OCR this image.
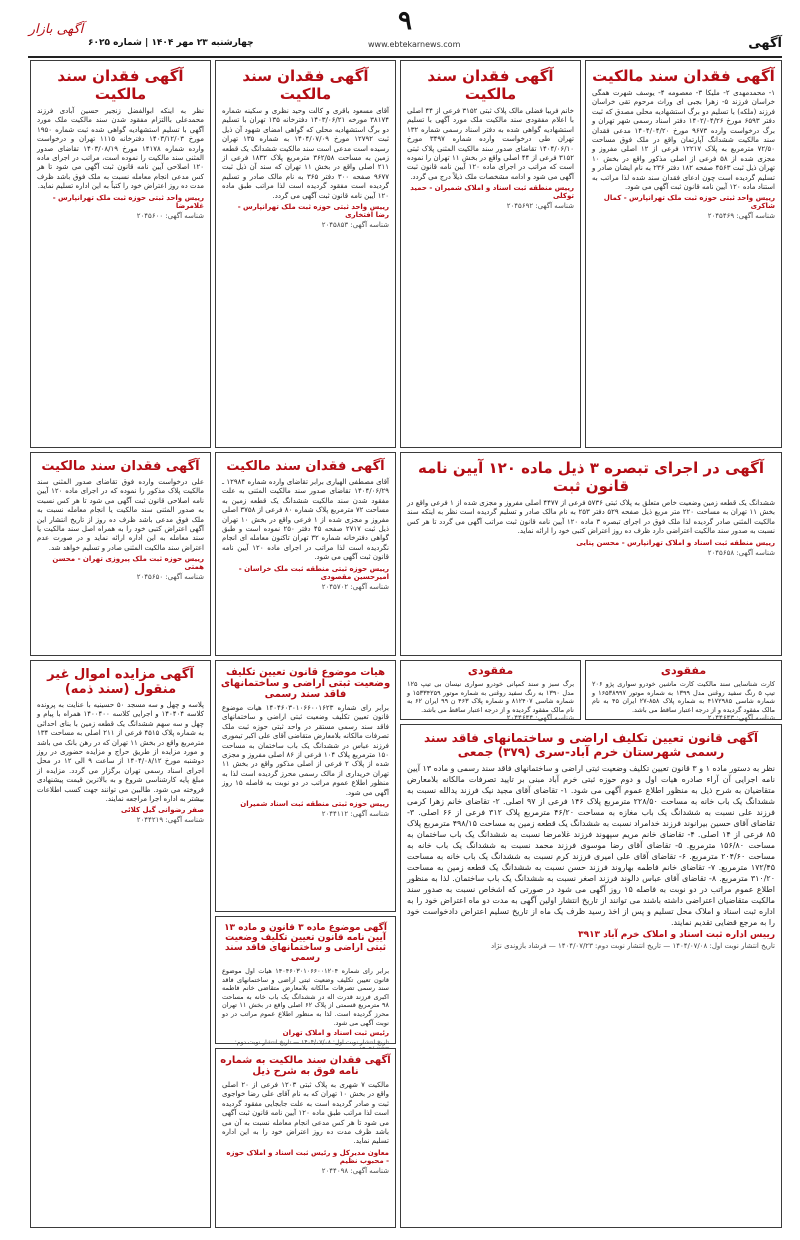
آگهی بازار
چهارشنبه ۲۳ مهر ۱۴۰۴ | شماره ۶۰۲۵
۹
www.ebtekarnews.com	آگهی
آگهی فقدان سند مالکیت
۱- محمدمهدی ۲- ملیکا ۳- معصومه ۴- یوسف شهرت همگی خراسان فرزند ۵- زهرا بجبی ای وراث مرحوم تقی خراسان فرزند (ملکه) با تسلیم دو برگ استشهادیه محلی مصدق که ثبت دفتر ۶۵۹۳ مورخ ۱۴۰۲/۰۴/۲۶ دفتر اسناد رسمی شهر تهران و برگ درخواست وارده ۹۶۷۳ مورخ ۱۴۰۴/۰۴/۲۰ مدعی فقدان سند مالکیت ششدانگ آپارتمان واقع در ملک فوق مساحت ۷۲/۵۰ مترمربع به پلاک ۱۲۲۱۷ فرعی از ۱۲ اصلی مفروز و مجزی شده از ۵۸ فرعی از اصلی مذکور واقع در بخش ۱۰ تهران ذیل ثبت ۴۵۶۳ صفحه ۱۸۲ دفتر ۲۳۶ به نام ایشان صادر و تسلیم گردیده است چون ادعای فقدان سند شده لذا مراتب به استناد ماده ۱۲۰ آیین نامه قانون ثبت آگهی می شود.
رییس واحد ثبتی حوزه ثبت ملک تهرانپارس - کمال شاکری
شناسه آگهی: ۲۰۴۵۴۶۹
آگهی فقدان سند مالکیت
خانم فریبا فضلی مالک پلاک ثبتی ۳۱۵۲ فرعی از ۴۴ اصلی با اعلام مفقودی سند مالکیت ملک مورد آگهی با تسلیم استشهادیه گواهی شده به دفتر اسناد رسمی شماره ۱۳۲ تهران طی درخواست وارده شماره ۳۴۹۷ مورخ ۱۴۰۴/۰۶/۱۰ تقاضای صدور سند مالکیت المثنی پلاک ثبتی ۳۱۵۲ فرعی از ۴۴ اصلی واقع در بخش ۱۱ تهران را نموده است که مراتب در اجرای ماده ۱۲۰ آیین نامه قانون ثبت آگهی می شود و ادامه مشخصات ملک ذیلاً درج می گردد.
رییس منطقه ثبت اسناد و املاک شمیران - حمید توکلی
شناسه آگهی: ۲۰۴۵۶۹۲
آگهی فقدان سند مالکیت
آقای مسعود باقری و کالت وحید نظری و سکینه شماره ۳۸۱۷۴ مورخه ۱۴۰۳/۰۶/۲۱ دفترخانه ۱۳۵ تهران با تسلیم دو برگ استشهادیه محلی که گواهی امضای شهود آن ذیل ثبت ۱۲۷۹۲ مورخ ۱۴۰۴/۰۷/۰۹ به شماره ۱۳۵ تهران رسیده است مدعی است سند مالکیت ششدانگ یک قطعه زمین به مساحت ۳۶۲/۵۸ مترمربع پلاک ۱۸۳۲ فرعی از ۲۱۱ اصلی واقع در بخش ۱۱ تهران که سند آن ذیل ثبت ۹۶۷۷ صفحه ۳۰۰ دفتر ۳۶۵ به نام مالک صادر و تسلیم گردیده است مفقود گردیده است لذا مراتب طبق ماده ۱۲۰ آیین نامه قانون ثبت آگهی می گردد.
رییس واحد ثبتی حوزه ثبت ملک تهرانپارس - رضا افتخاری
شناسه آگهی: ۲۰۴۵۸۵۳
آگهی فقدان سند مالکیت
نظر به اینکه ابوالفضل زنجیر حسین آبادی فرزند محمدعلی باالتزام مفقود شدن سند مالکیت ملک مورد آگهی با تسلیم استشهادیه گواهی شده ثبت شماره ۱۹۵۰ مورخ ۱۴۰۳/۱۲/۰۳ دفترخانه ۱۱۱۵ تهران و درخواست وارده شماره ۱۴۱۷۸ مورخ ۱۴۰۳/۰۸/۱۹ تقاضای صدور المثنی سند مالکیت را نموده است، مراتب در اجرای ماده ۱۲۰ اصلاحی آیین نامه قانون ثبت آگهی می شود تا هر کس مدعی انجام معامله نسبت به ملک فوق باشد ظرف مدت ده روز اعتراض خود را کتباً به این اداره تسلیم نماید.
رییس واحد ثبتی حوزه ثبت ملک تهرانپارس - غلامرضا
شناسه آگهی: ۲۰۴۵۶۰۰
آگهی در اجرای تبصره ۳ ذیل ماده ۱۲۰ آیین نامه قانون ثبت
ششدانگ یک قطعه زمین وضعیت خاص متعلق به پلاک ثبتی ۵۷۳۶ فرعی از ۴۴۷۷ اصلی مفروز و مجزی شده از ۱ فرعی واقع در بخش ۱۱ تهران به مساحت ۲۲۰ متر مربع ذیل صفحه ۵۲۹ دفتر ۲۵۳ به نام مالک صادر و تسلیم گردیده است نظر به اینکه سند مالکیت المثنی صادر گردیده لذا ملک فوق در اجرای تبصره ۳ ماده ۱۲۰ آیین نامه قانون ثبت مراتب آگهی می گردد تا هر کس نسبت به صدور سند مالکیت اعتراضی دارد ظرف ده روز اعتراض کتبی خود را ارائه نماید.
رییس منطقه ثبت اسناد و املاک تهرانپارس - محسن پنایی
شناسه آگهی: ۲۰۴۵۶۵۸
آگهی فقدان سند مالکیت
آقای مصطفی الهیاری برابر تقاضای وارده شماره ۱۲۹۸۴ ـ ۱۴۰۴/۰۶/۲۹ تقاضای صدور سند مالکیت المثنی به علت مفقود شدن سند مالکیت ششدانگ یک قطعه زمین به مساحت ۷۲ مترمربع پلاک شماره ۸۰ فرعی از ۳۷۵۸ اصلی مفروز و مجزی شده از ۱ فرعی واقع در بخش ۱۰ تهران ذیل ثبت ۲۷۱۷ صفحه ۴۵ دفتر ۲۵۰ نموده است و طبق گواهی دفترخانه شماره ۳۲ تهران تاکنون معامله ای انجام نگردیده است لذا مراتب در اجرای ماده ۱۲۰ آیین نامه قانون ثبت آگهی می شود.
رییس حوزه ثبتی منطقه ثبت ملک خراسان - امیرحسین مقصودی
شناسه آگهی: ۲۰۴۵۷۰۲
آگهی فقدان سند مالکیت
علی درخواست وارده فوق تقاضای صدور المثنی سند مالکیت پلاک مذکور را نموده که در اجرای ماده ۱۲۰ آیین نامه اصلاحی قانون ثبت آگهی می شود تا هر کس نسبت به صدور المثنی سند مالکیت یا انجام معامله نسبت به ملک فوق مدعی باشد ظرف ده روز از تاریخ انتشار این آگهی اعتراض کتبی خود را به همراه اصل سند مالکیت یا سند معامله به این اداره ارائه نماید و در صورت عدم اعتراض سند مالکیت المثنی صادر و تسلیم خواهد شد.
رییس حوزه ثبت ملک پیروزی تهران - محسن همتی
شناسه آگهی: ۲۰۴۵۶۵۰
مفقودی
کارت شناسایی سند مالکیت کارت ماشین خودرو سواری پژو ۲۰۶ تیپ ۵ رنگ سفید روغنی مدل ۱۳۹۹ به شماره موتور ۱۶۵۳۸۹۹۷ و شماره شاسی ۴۱۷۲۹۸۵ به شماره پلاک ۸۵۸-۲۷ ایران ۴۵ به نام مالک مفقود گردیده و از درجه اعتبار ساقط می باشد.
شناسه آگهی: ۲۰۴۴۶۴۳
مفقودی
برگ سبز و سند کمپانی خودرو سواری نیسان بی تیپ ۱۲۵ مدل ۱۳۹۰ به رنگ سفید روغنی به شماره موتور ۱۵۳۳۴۲۵۹ و شماره شاسی ۸۱۲۴۰۷ و شماره پلاک ۴۶۳ ن ۹۹ ایران ۶۲ به نام مالک مفقود گردیده و از درجه اعتبار ساقط می باشد.
شناسه آگهی: ۲۰۴۴۶۴۴
آگهی مزایده اموال غیر منقول (سند ذمه)
پلاسه و چهل و سه مسجد ۵۰ حسینیه با عنایت به پرونده کلاسه ۱۴۰۴۰۴ و اجرایی کلاسه ۱۴۰۰۴۰۰ همراه با پیام و چهل و سه سهم ششدانگ یک قطعه زمین با بنای احداثی به شماره پلاک ۴۵۱۵ فرعی از ۲۱۱ اصلی به مساحت ۱۳۴ مترمربع واقع در بخش ۱۱ تهران که در رهن بانک می باشد و مورد مزایده از طریق حراج و مزایده حضوری در روز دوشنبه مورخ ۱۴۰۴/۰۸/۱۲ از ساعت ۹ الی ۱۲ در محل اجرای اسناد رسمی تهران برگزار می گردد. مزایده از مبلغ پایه کارشناسی شروع و به بالاترین قیمت پیشنهادی فروخته می شود. طالبین می توانند جهت کسب اطلاعات بیشتر به اداره اجرا مراجعه نمایند.
صفر رضوانی گیل کلائی
شناسه آگهی: ۲۰۴۴۲۱۹
هیات موضوع قانون تعیین تکلیف وضعیت ثبتی اراضی و ساختمانهای فاقد سند رسمی
برابر رای شماره ۱۴۰۴۶۰۳۰۱۰۶۶۰۰۱۶۲۳ هیات موضوع قانون تعیین تکلیف وضعیت ثبتی اراضی و ساختمانهای فاقد سند رسمی مستقر در واحد ثبتی حوزه ثبت ملک تصرفات مالکانه بلامعارض متقاضی آقای علی اکبر تیموری فرزند عباس در ششدانگ یک باب ساختمان به مساحت ۱۵۰ مترمربع پلاک ۱۰۴ فرعی از ۸۶ اصلی مفروز و مجزی شده از پلاک ۲ فرعی از اصلی مذکور واقع در بخش ۱۱ تهران خریداری از مالک رسمی محرز گردیده است لذا به منظور اطلاع عموم مراتب در دو نوبت به فاصله ۱۵ روز آگهی می شود.
رییس حوزه ثبتی منطقه ثبت اسناد شمیران
شناسه آگهی: ۲۰۴۴۱۱۲
آگهی موضوع ماده ۳ قانون و ماده ۱۳ آیین نامه قانون تعیین تکلیف وضعیت ثبتی اراضی و ساختمانهای فاقد سند رسمی
برابر رای شماره ۱۴۰۴۶۰۳۰۱۰۶۶۰۰۱۲۰۴ هیات اول موضوع قانون تعیین تکلیف وضعیت ثبتی اراضی و ساختمانهای فاقد سند رسمی تصرفات مالکانه بلامعارض متقاضی خانم فاطمه اکبری فرزند قدرت اله در ششدانگ یک باب خانه به مساحت ۹۸ مترمربع قسمتی از پلاک ۶۲ اصلی واقع در بخش ۱۱ تهران محرز گردیده است. لذا به منظور اطلاع عموم مراتب در دو نوبت آگهی می شود.
رئیس ثبت اسناد و املاک تهران
تاریخ انتشار نوبت اول: ۱۴۰۴/۰۷/۰۸ — تاریخ انتشار نوبت دوم:
آگهی فقدان سند مالکیت به شماره نامه فوق به شرح ذیل
مالکیت ۷ شهری به پلاک ثبتی ۱۲۰۳ فرعی از ۲۰ اصلی واقع در بخش ۱۰ تهران که به نام آقای علی رضا خواجوی ثبت و صادر گردیده است به علت جابجایی مفقود گردیده است لذا مراتب طبق ماده ۱۲۰ آیین نامه قانون ثبت آگهی می شود تا هر کس مدعی انجام معامله نسبت به آن می باشد ظرف مدت ده روز اعتراض خود را به این اداره تسلیم نماید.
معاون مدیرکل و رئیس ثبت اسناد و املاک حوزه - محبوب نظیم
شناسه آگهی: ۲۰۴۴۰۹۸
آگهی قانون تعیین تکلیف اراضی و ساختمانهای فاقد سند رسمی شهرستان خرم آباد-سری (۳۷۹) جمعی
نظر به دستور ماده ۱ و ۳ قانون تعیین تکلیف وضعیت ثبتی اراضی و ساختمانهای فاقد سند رسمی و ماده ۱۳ آیین نامه اجرایی آن آراء صادره هیات اول و دوم حوزه ثبتی خرم آباد مبنی بر تایید تصرفات مالکانه بلامعارض متقاضیان به شرح ذیل به منظور اطلاع عموم آگهی می شود. ۱- تقاضای آقای مجید نیک فرزند یدالله نسبت به ششدانگ یک باب خانه به مساحت ۲۲۸/۵۰ مترمربع پلاک ۱۴۶ فرعی از ۹۷ اصلی. ۲- تقاضای خانم زهرا کرمی فرزند علی نسبت به ششدانگ یک باب مغازه به مساحت ۴۶/۲۰ مترمربع پلاک ۳۱۲ فرعی از ۶۶ اصلی. ۳- تقاضای آقای حسین بیرانوند فرزند خدامراد نسبت به ششدانگ یک قطعه زمین به مساحت ۴۹۸/۱۵ مترمربع پلاک ۸۵ فرعی از ۱۴ اصلی. ۴- تقاضای خانم مریم سپهوند فرزند غلامرضا نسبت به ششدانگ یک باب ساختمان به مساحت ۱۵۶/۸۰ مترمربع. ۵- تقاضای آقای رضا موسوی فرزند محمد نسبت به ششدانگ یک باب خانه به مساحت ۲۰۴/۶۰ مترمربع. ۶- تقاضای آقای علی امیری فرزند کرم نسبت به ششدانگ یک باب خانه به مساحت ۱۷۲/۴۵ مترمربع. ۷- تقاضای خانم فاطمه بهاروند فرزند حسن نسبت به ششدانگ یک قطعه زمین به مساحت ۳۱۰/۲۰ مترمربع. ۸- تقاضای آقای عباس دالوند فرزند اصغر نسبت به ششدانگ یک باب ساختمان. لذا به منظور اطلاع عموم مراتب در دو نوبت به فاصله ۱۵ روز آگهی می شود در صورتی که اشخاص نسبت به صدور سند مالکیت متقاضیان اعتراضی داشته باشند می توانند از تاریخ انتشار اولین آگهی به مدت دو ماه اعتراض خود را به اداره ثبت اسناد و املاک محل تسلیم و پس از اخذ رسید ظرف یک ماه از تاریخ تسلیم اعتراض دادخواست خود را به مرجع قضایی تقدیم نمایند.
رییس اداره ثبت اسناد و املاک خرم آباد ۳۹۱۳
تاریخ انتشار نوبت اول: ۱۴۰۴/۰۷/۰۸ — تاریخ انتشار نوبت دوم: ۱۴۰۴/۰۷/۲۳ — فرشاد بازوندی نژاد
